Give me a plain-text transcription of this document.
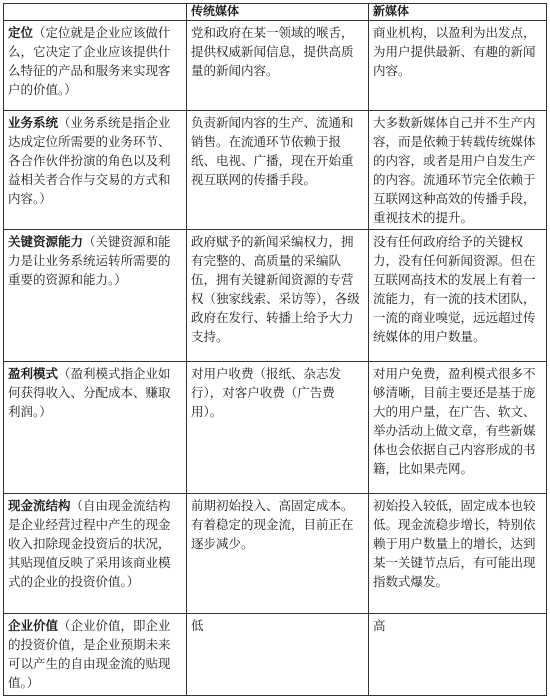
	传统媒体	新媒体
定位（定位就是企业应该做什么，它决定了企业应该提供什么特征的产品和服务来实现客户的价值。）	党和政府在某一领域的喉舌，提供权威新闻信息，提供高质量的新闻内容。	商业机构，以盈利为出发点，为用户提供最新、有趣的新闻内容。
业务系统（业务系统是指企业达成定位所需要的业务环节、各合作伙伴扮演的角色以及利益相关者合作与交易的方式和内容。）	负责新闻内容的生产、流通和销售。在流通环节依赖于报纸、电视、广播，现在开始重视互联网的传播手段。	大多数新媒体自己并不生产内容，而是依赖于转载传统媒体的内容，或者是用户自发生产的内容。流通环节完全依赖于互联网这种高效的传播手段，重视技术的提升。
关键资源能力（关键资源和能力是让业务系统运转所需要的重要的资源和能力。）	政府赋予的新闻采编权力，拥有完整的、高质量的采编队伍，拥有关键新闻资源的专营权（独家线索、采访等），各级政府在发行、转播上给予大力支持。	没有任何政府给予的关键权力，没有任何新闻资源。但在互联网高技术的发展上有着一流能力，有一流的技术团队，一流的商业嗅觉，远远超过传统媒体的用户数量。
盈利模式（盈利模式指企业如何获得收入、分配成本、赚取利润。）	对用户收费（报纸、杂志发行），对客户收费（广告费用）。	对用户免费，盈利模式很多不够清晰，目前主要还是基于庞大的用户量，在广告、软文、举办活动上做文章，有些新媒体也会依据自己内容形成的书籍，比如果壳网。
现金流结构（自由现金流结构是企业经营过程中产生的现金收入扣除现金投资后的状况，其贴现值反映了采用该商业模式的企业的投资价值。）	前期初始投入、高固定成本。有着稳定的现金流，目前正在逐步减少。	初始投入较低，固定成本也较低。现金流稳步增长，特别依赖于用户数量上的增长，达到某一关键节点后，有可能出现指数式爆发。
企业价值（企业价值，即企业的投资价值，是企业预期未来可以产生的自由现金流的贴现值。）	低	高
